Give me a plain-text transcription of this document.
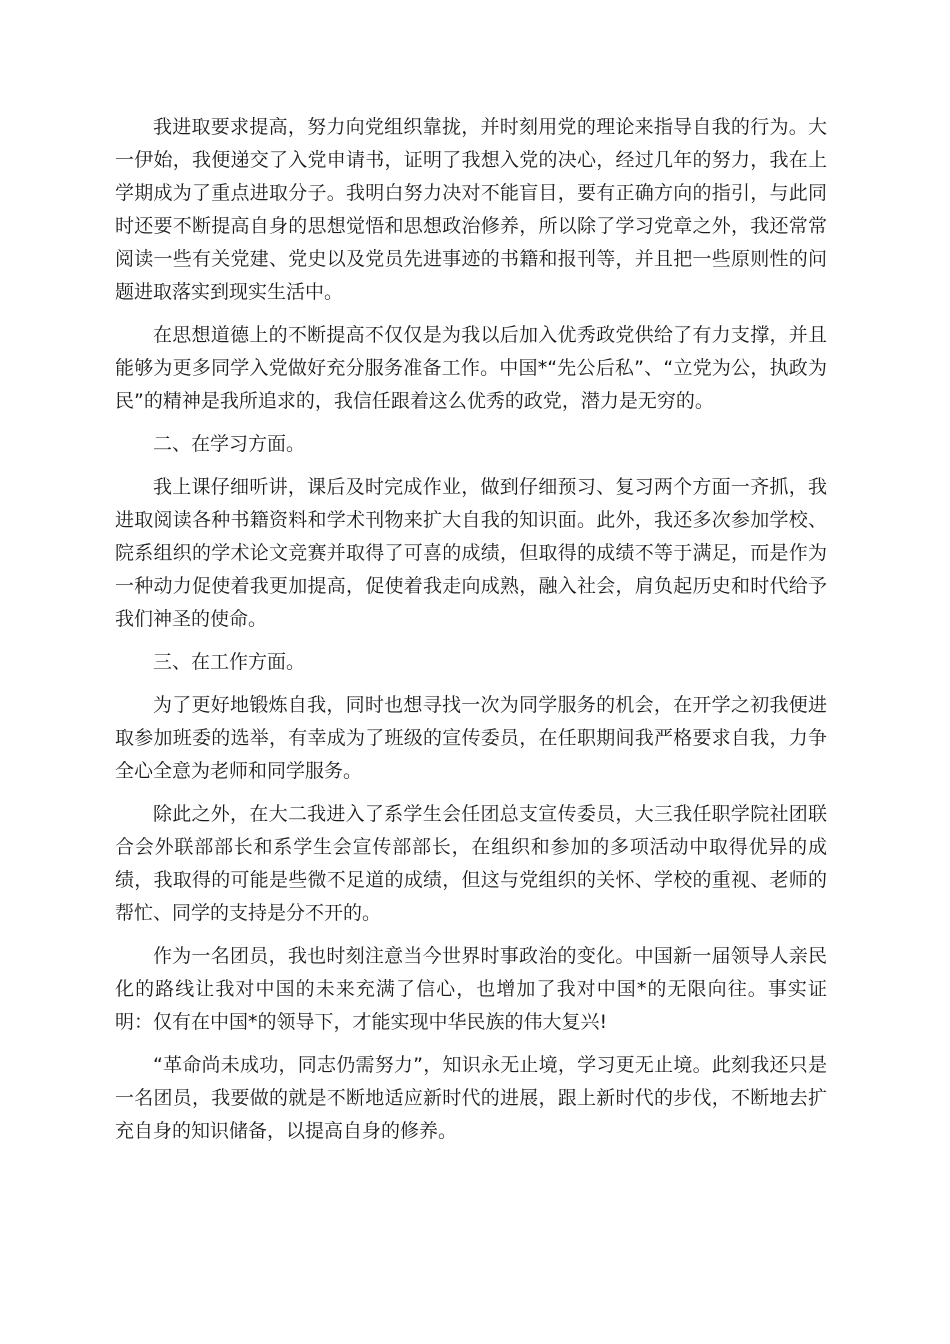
我进取要求提高，努力向党组织靠拢，并时刻用党的理论来指导自我的行为。大一伊始，我便递交了入党申请书，证明了我想入党的决心，经过几年的努力，我在上学期成为了重点进取分子。我明白努力决对不能盲目，要有正确方向的指引，与此同时还要不断提高自身的思想觉悟和思想政治修养，所以除了学习党章之外，我还常常阅读一些有关党建、党史以及党员先进事迹的书籍和报刊等，并且把一些原则性的问题进取落实到现实生活中。

在思想道德上的不断提高不仅仅是为我以后加入优秀政党供给了有力支撑，并且能够为更多同学入党做好充分服务准备工作。中国*“先公后私”、“立党为公，执政为民”的精神是我所追求的，我信任跟着这么优秀的政党，潜力是无穷的。

二、在学习方面。

我上课仔细听讲，课后及时完成作业，做到仔细预习、复习两个方面一齐抓，我进取阅读各种书籍资料和学术刊物来扩大自我的知识面。此外，我还多次参加学校、院系组织的学术论文竞赛并取得了可喜的成绩，但取得的成绩不等于满足，而是作为一种动力促使着我更加提高，促使着我走向成熟，融入社会，肩负起历史和时代给予我们神圣的使命。

三、在工作方面。

为了更好地锻炼自我，同时也想寻找一次为同学服务的机会，在开学之初我便进取参加班委的选举，有幸成为了班级的宣传委员，在任职期间我严格要求自我，力争全心全意为老师和同学服务。

除此之外，在大二我进入了系学生会任团总支宣传委员，大三我任职学院社团联合会外联部部长和系学生会宣传部部长，在组织和参加的多项活动中取得优异的成绩，我取得的可能是些微不足道的成绩，但这与党组织的关怀、学校的重视、老师的帮忙、同学的支持是分不开的。

作为一名团员，我也时刻注意当今世界时事政治的变化。中国新一届领导人亲民化的路线让我对中国的未来充满了信心，也增加了我对中国*的无限向往。事实证明：仅有在中国*的领导下，才能实现中华民族的伟大复兴!

“革命尚未成功，同志仍需努力”，知识永无止境，学习更无止境。此刻我还只是一名团员，我要做的就是不断地适应新时代的进展，跟上新时代的步伐，不断地去扩充自身的知识储备，以提高自身的修养。
